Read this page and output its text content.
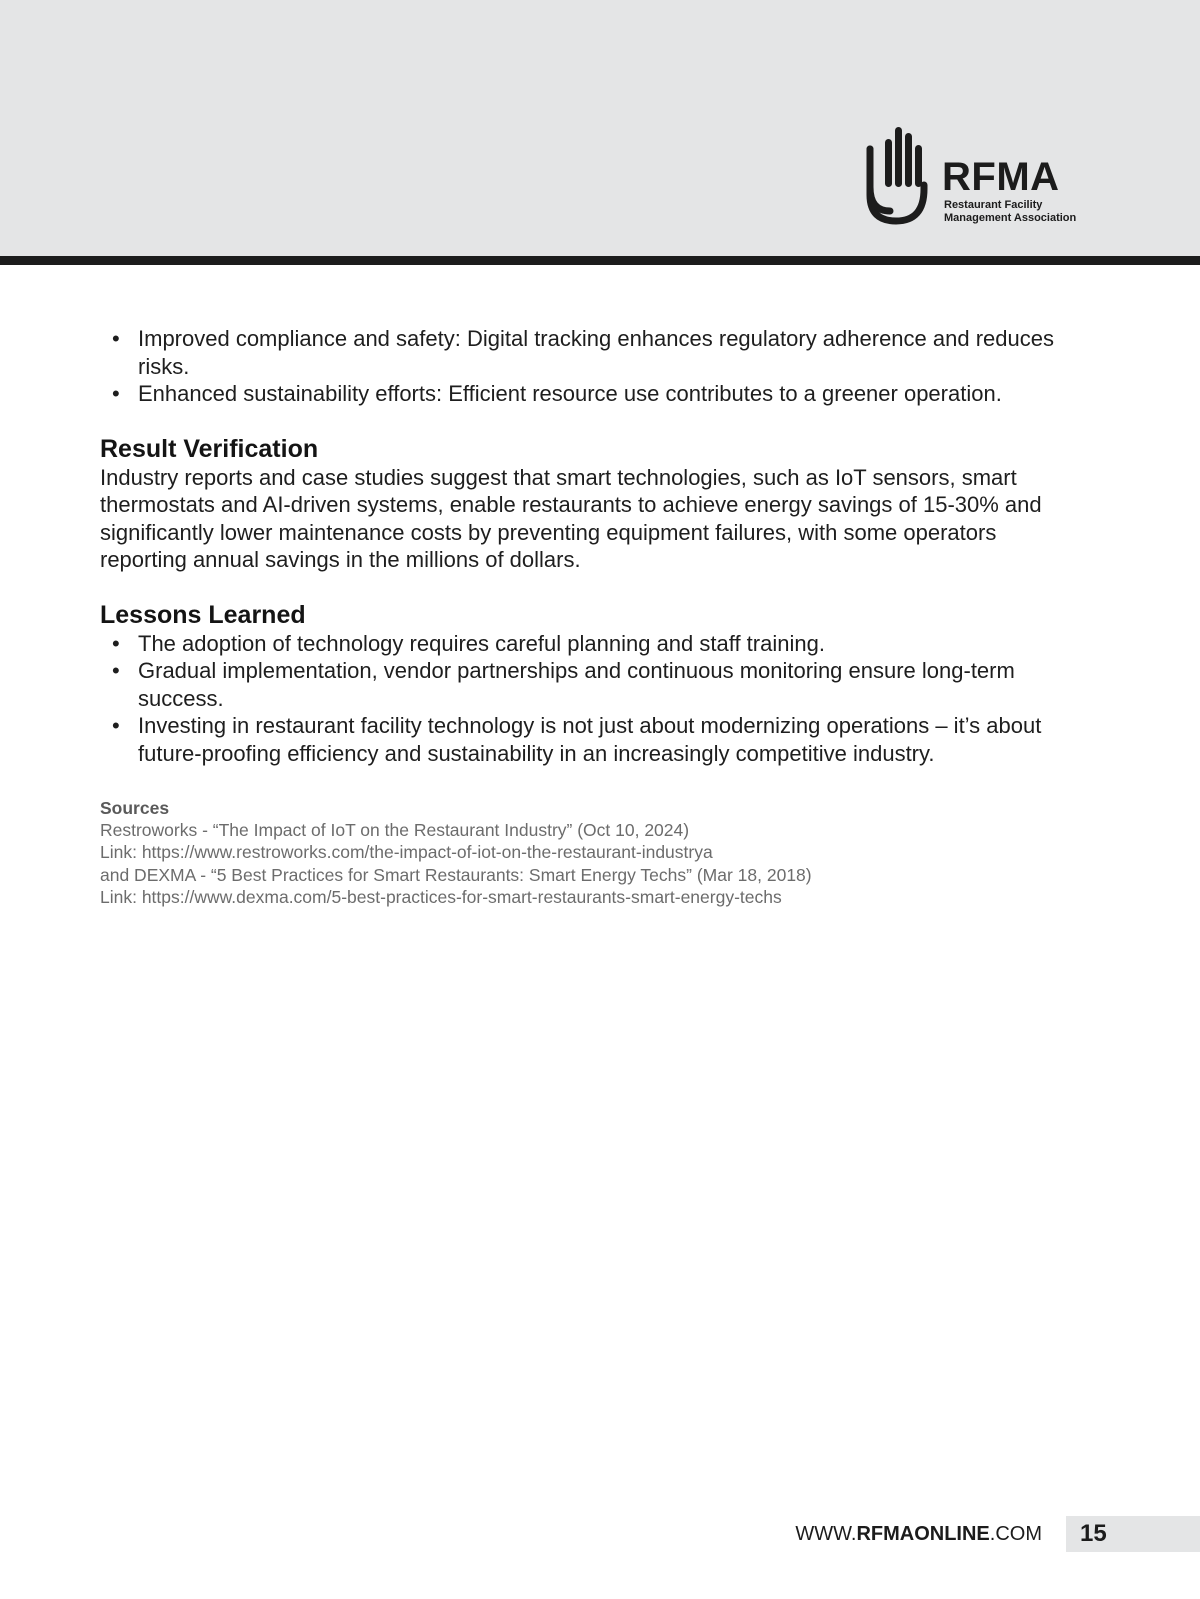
RFMA
Restaurant Facility
Management Association
• Improved compliance and safety: Digital tracking enhances regulatory adherence and reduces risks.
• Enhanced sustainability efforts: Efficient resource use contributes to a greener operation.
Result Verification

Industry reports and case studies suggest that smart technologies, such as IoT sensors, smart thermostats and AI-driven systems, enable restaurants to achieve energy savings of 15-30% and significantly lower maintenance costs by preventing equipment failures, with some operators reporting annual savings in the millions of dollars.

Lessons Learned
• The adoption of technology requires careful planning and staff training.
• Gradual implementation, vendor partnerships and continuous monitoring ensure long-term success.
• Investing in restaurant facility technology is not just about modernizing operations – it’s about future-proofing efficiency and sustainability in an increasingly competitive industry.
Sources
Restroworks - “The Impact of IoT on the Restaurant Industry” (Oct 10, 2024)
Link: https://www.restroworks.com/the-impact-of-iot-on-the-restaurant-industrya
and DEXMA - “5 Best Practices for Smart Restaurants: Smart Energy Techs” (Mar 18, 2018)
Link: https://www.dexma.com/5-best-practices-for-smart-restaurants-smart-energy-techs
WWW.RFMAONLINE.COM 15
